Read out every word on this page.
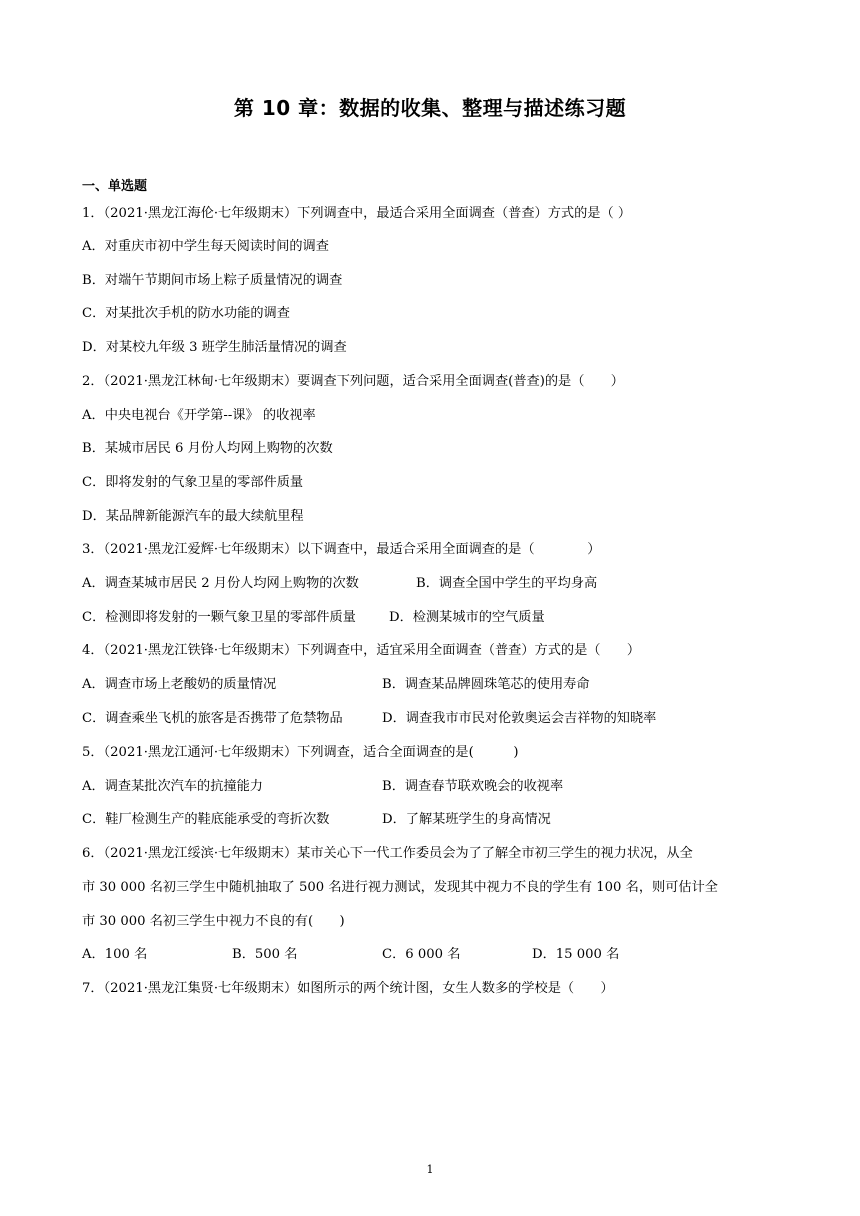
第 10 章：数据的收集、整理与描述练习题
一、单选题
1．（2021·黑龙江海伦·七年级期末）下列调查中，最适合采用全面调查（普查）方式的是（ ）
A．对重庆市初中学生每天阅读时间的调查
B．对端午节期间市场上粽子质量情况的调查
C．对某批次手机的防水功能的调查
D．对某校九年级 3 班学生肺活量情况的调查
2．（2021·黑龙江林甸·七年级期末）要调查下列问题，适合采用全面调查(普查)的是（　　）
A．中央电视台《开学第--课》 的收视率
B．某城市居民 6 月份人均网上购物的次数
C．即将发射的气象卫星的零部件质量
D．某品牌新能源汽车的最大续航里程
3．（2021·黑龙江爱辉·七年级期末）以下调查中，最适合采用全面调查的是（　　　　）
A．调查某城市居民 2 月份人均网上购物的次数	B．调查全国中学生的平均身高
C．检测即将发射的一颗气象卫星的零部件质量	D．检测某城市的空气质量
4．（2021·黑龙江铁锋·七年级期末）下列调查中，适宜采用全面调查（普查）方式的是（　　）
A．调查市场上老酸奶的质量情况	B．调查某品牌圆珠笔芯的使用寿命
C．调查乘坐飞机的旅客是否携带了危禁物品	D．调查我市市民对伦敦奥运会吉祥物的知晓率
5．（2021·黑龙江通河·七年级期末）下列调查，适合全面调查的是(　　　)
A．调查某批次汽车的抗撞能力	B．调查春节联欢晚会的收视率
C．鞋厂检测生产的鞋底能承受的弯折次数	D．了解某班学生的身高情况
6．（2021·黑龙江绥滨·七年级期末）某市关心下一代工作委员会为了了解全市初三学生的视力状况，从全
市 30 000 名初三学生中随机抽取了 500 名进行视力测试，发现其中视力不良的学生有 100 名，则可估计全
市 30 000 名初三学生中视力不良的有(　　)
A．100 名	B．500 名	C．6 000 名	D．15 000 名
7．（2021·黑龙江集贤·七年级期末）如图所示的两个统计图，女生人数多的学校是（　　）
1
